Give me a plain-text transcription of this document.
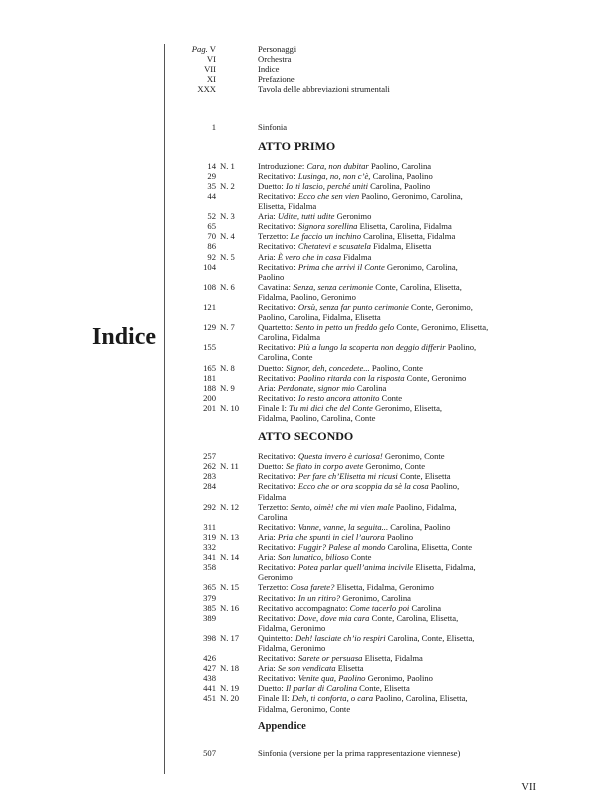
Indice
Pag. V	Personaggi
VI	Orchestra
VII	Indice
XI	Prefazione
XXX	Tavola delle abbreviazioni strumentali
1	Sinfonia
ATTO PRIMO
14 N. 1	Introduzione: Cara, non dubitar Paolino, Carolina
29	Recitativo: Lusinga, no, non c’è, Carolina, Paolino
35 N. 2	Duetto: Io ti lascio, perché uniti Carolina, Paolino
44	Recitativo: Ecco che sen vien Paolino, Geronimo, Carolina,
Elisetta, Fidalma
52 N. 3	Aria: Udite, tutti udite Geronimo
65	Recitativo: Signora sorellina Elisetta, Carolina, Fidalma
70 N. 4	Terzetto: Le faccio un inchino Carolina, Elisetta, Fidalma
86	Recitativo: Chetatevi e scusatela Fidalma, Elisetta
92 N. 5	Aria: È vero che in casa Fidalma
104	Recitativo: Prima che arrivi il Conte Geronimo, Carolina,
Paolino
108 N. 6	Cavatina: Senza, senza cerimonie Conte, Carolina, Elisetta,
Fidalma, Paolino, Geronimo
121	Recitativo: Orsù, senza far punto cerimonie Conte, Geronimo,
Paolino, Carolina, Fidalma, Elisetta
129 N. 7	Quartetto: Sento in petto un freddo gelo Conte, Geronimo, Elisetta,
Carolina, Fidalma
155	Recitativo: Più a lungo la scoperta non deggio differir Paolino,
Carolina, Conte
165 N. 8	Duetto: Signor, deh, concedete... Paolino, Conte
181	Recitativo: Paolino ritarda con la risposta Conte, Geronimo
188 N. 9	Aria: Perdonate, signor mio Carolina
200	Recitativo: Io resto ancora attonito Conte
201 N. 10	Finale I: Tu mi dici che del Conte Geronimo, Elisetta,
Fidalma, Paolino, Carolina, Conte
ATTO SECONDO
257	Recitativo: Questa invero è curiosa! Geronimo, Conte
262 N. 11	Duetto: Se fiato in corpo avete Geronimo, Conte
283	Recitativo: Per fare ch’Elisetta mi ricusi Conte, Elisetta
284	Recitativo: Ecco che or ora scoppia da sè la cosa Paolino,
Fidalma
292 N. 12	Terzetto: Sento, oimè! che mi vien male Paolino, Fidalma,
Carolina
311	Recitativo: Vanne, vanne, la seguita... Carolina, Paolino
319 N. 13	Aria: Pria che spunti in ciel l’aurora Paolino
332	Recitativo: Fuggir? Palese al mondo Carolina, Elisetta, Conte
341 N. 14	Aria: Son lunatico, bilioso Conte
358	Recitativo: Potea parlar quell’anima incivile Elisetta, Fidalma,
Geronimo
365 N. 15	Terzetto: Cosa farete? Elisetta, Fidalma, Geronimo
379	Recitativo: In un ritiro? Geronimo, Carolina
385 N. 16	Recitativo accompagnato: Come tacerlo poi Carolina
389	Recitativo: Dove, dove mia cara Conte, Carolina, Elisetta,
Fidalma, Geronimo
398 N. 17	Quintetto: Deh! lasciate ch’io respiri Carolina, Conte, Elisetta,
Fidalma, Geronimo
426	Recitativo: Sarete or persuasa Elisetta, Fidalma
427 N. 18	Aria: Se son vendicata Elisetta
438	Recitativo: Venite qua, Paolino Geronimo, Paolino
441 N. 19	Duetto: Il parlar di Carolina Conte, Elisetta
451 N. 20	Finale II: Deh, ti conforta, o cara Paolino, Carolina, Elisetta,
Fidalma, Geronimo, Conte
Appendice
507	Sinfonia (versione per la prima rappresentazione viennese)
VII
